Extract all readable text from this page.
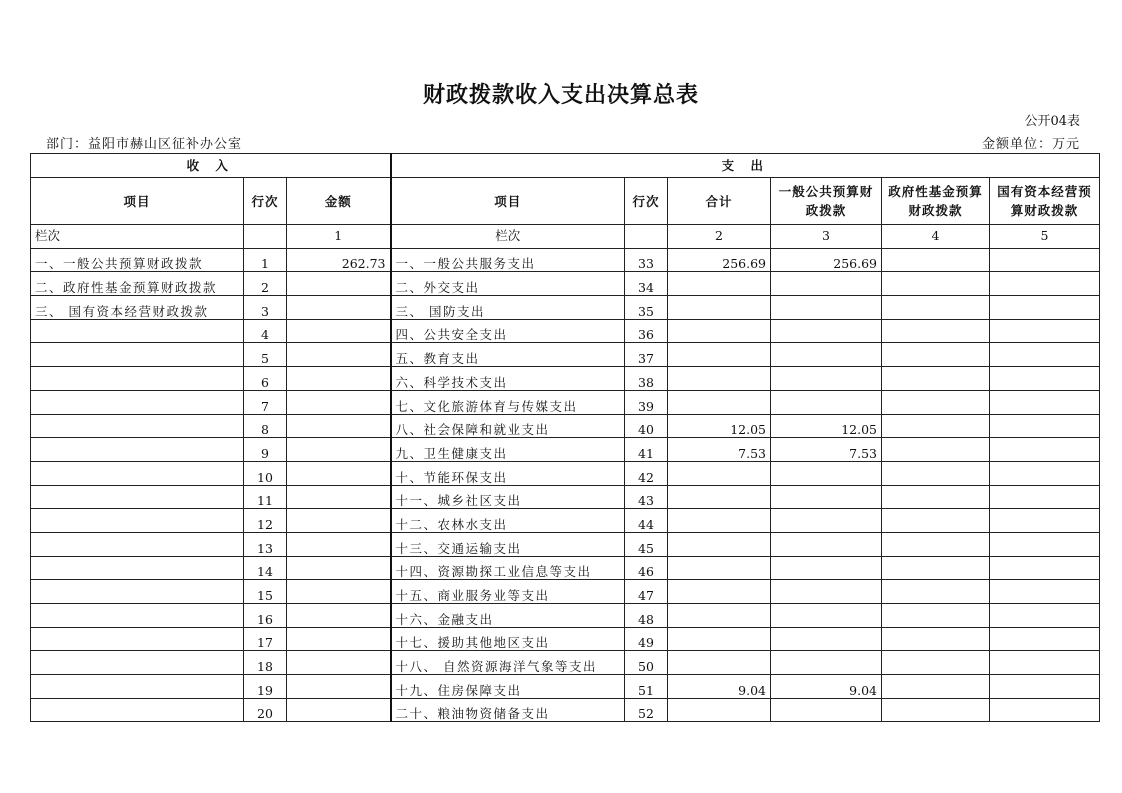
财政拨款收入支出决算总表
公开04表
部门：益阳市赫山区征补办公室	金额单位：万元
收 入			支 出					
项目	行次	金额	项目	行次	合计	一般公共预算财政拨款	政府性基金预算财政拨款	国有资本经营预算财政拨款
栏次		1	栏次		2	3	4	5
一、一般公共预算财政拨款	1	262.73	一、一般公共服务支出	33	256.69	256.69		
二、政府性基金预算财政拨款	2		二、外交支出	34				
三、 国有资本经营财政拨款	3		三、 国防支出	35				
	4		四、公共安全支出	36				
	5		五、教育支出	37				
	6		六、科学技术支出	38				
	7		七、文化旅游体育与传媒支出	39				
	8		八、社会保障和就业支出	40	12.05	12.05		
	9		九、卫生健康支出	41	7.53	7.53		
	10		十、节能环保支出	42				
	11		十一、城乡社区支出	43				
	12		十二、农林水支出	44				
	13		十三、交通运输支出	45				
	14		十四、资源勘探工业信息等支出	46				
	15		十五、商业服务业等支出	47				
	16		十六、金融支出	48				
	17		十七、援助其他地区支出	49				
	18		十八、 自然资源海洋气象等支出	50				
	19		十九、住房保障支出	51	9.04	9.04		
	20		二十、粮油物资储备支出	52				
